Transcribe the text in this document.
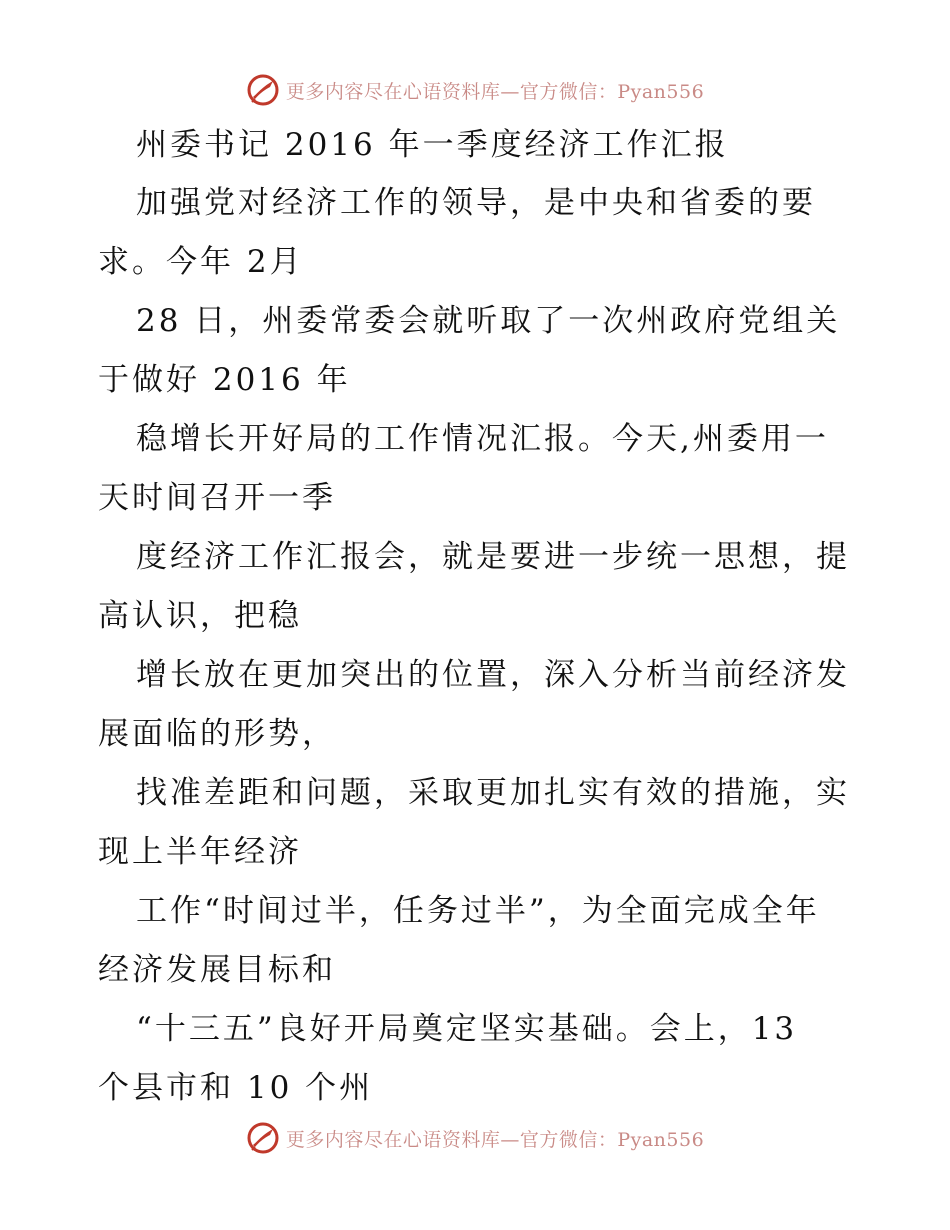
更多内容尽在心语资料库—官方微信：Pyan556
州委书记 2016 年一季度经济工作汇报
加强党对经济工作的领导，是中央和省委的要
求。今年 2月
28 日，州委常委会就听取了一次州政府党组关
于做好 2016 年
稳增长开好局的工作情况汇报。今天,州委用一
天时间召开一季
度经济工作汇报会，就是要进一步统一思想，提
高认识，把稳
增长放在更加突出的位置，深入分析当前经济发
展面临的形势，
找准差距和问题，采取更加扎实有效的措施，实
现上半年经济
工作“时间过半，任务过半”，为全面完成全年
经济发展目标和
“十三五”良好开局奠定坚实基础。会上，13
个县市和 10 个州
更多内容尽在心语资料库—官方微信：Pyan556
